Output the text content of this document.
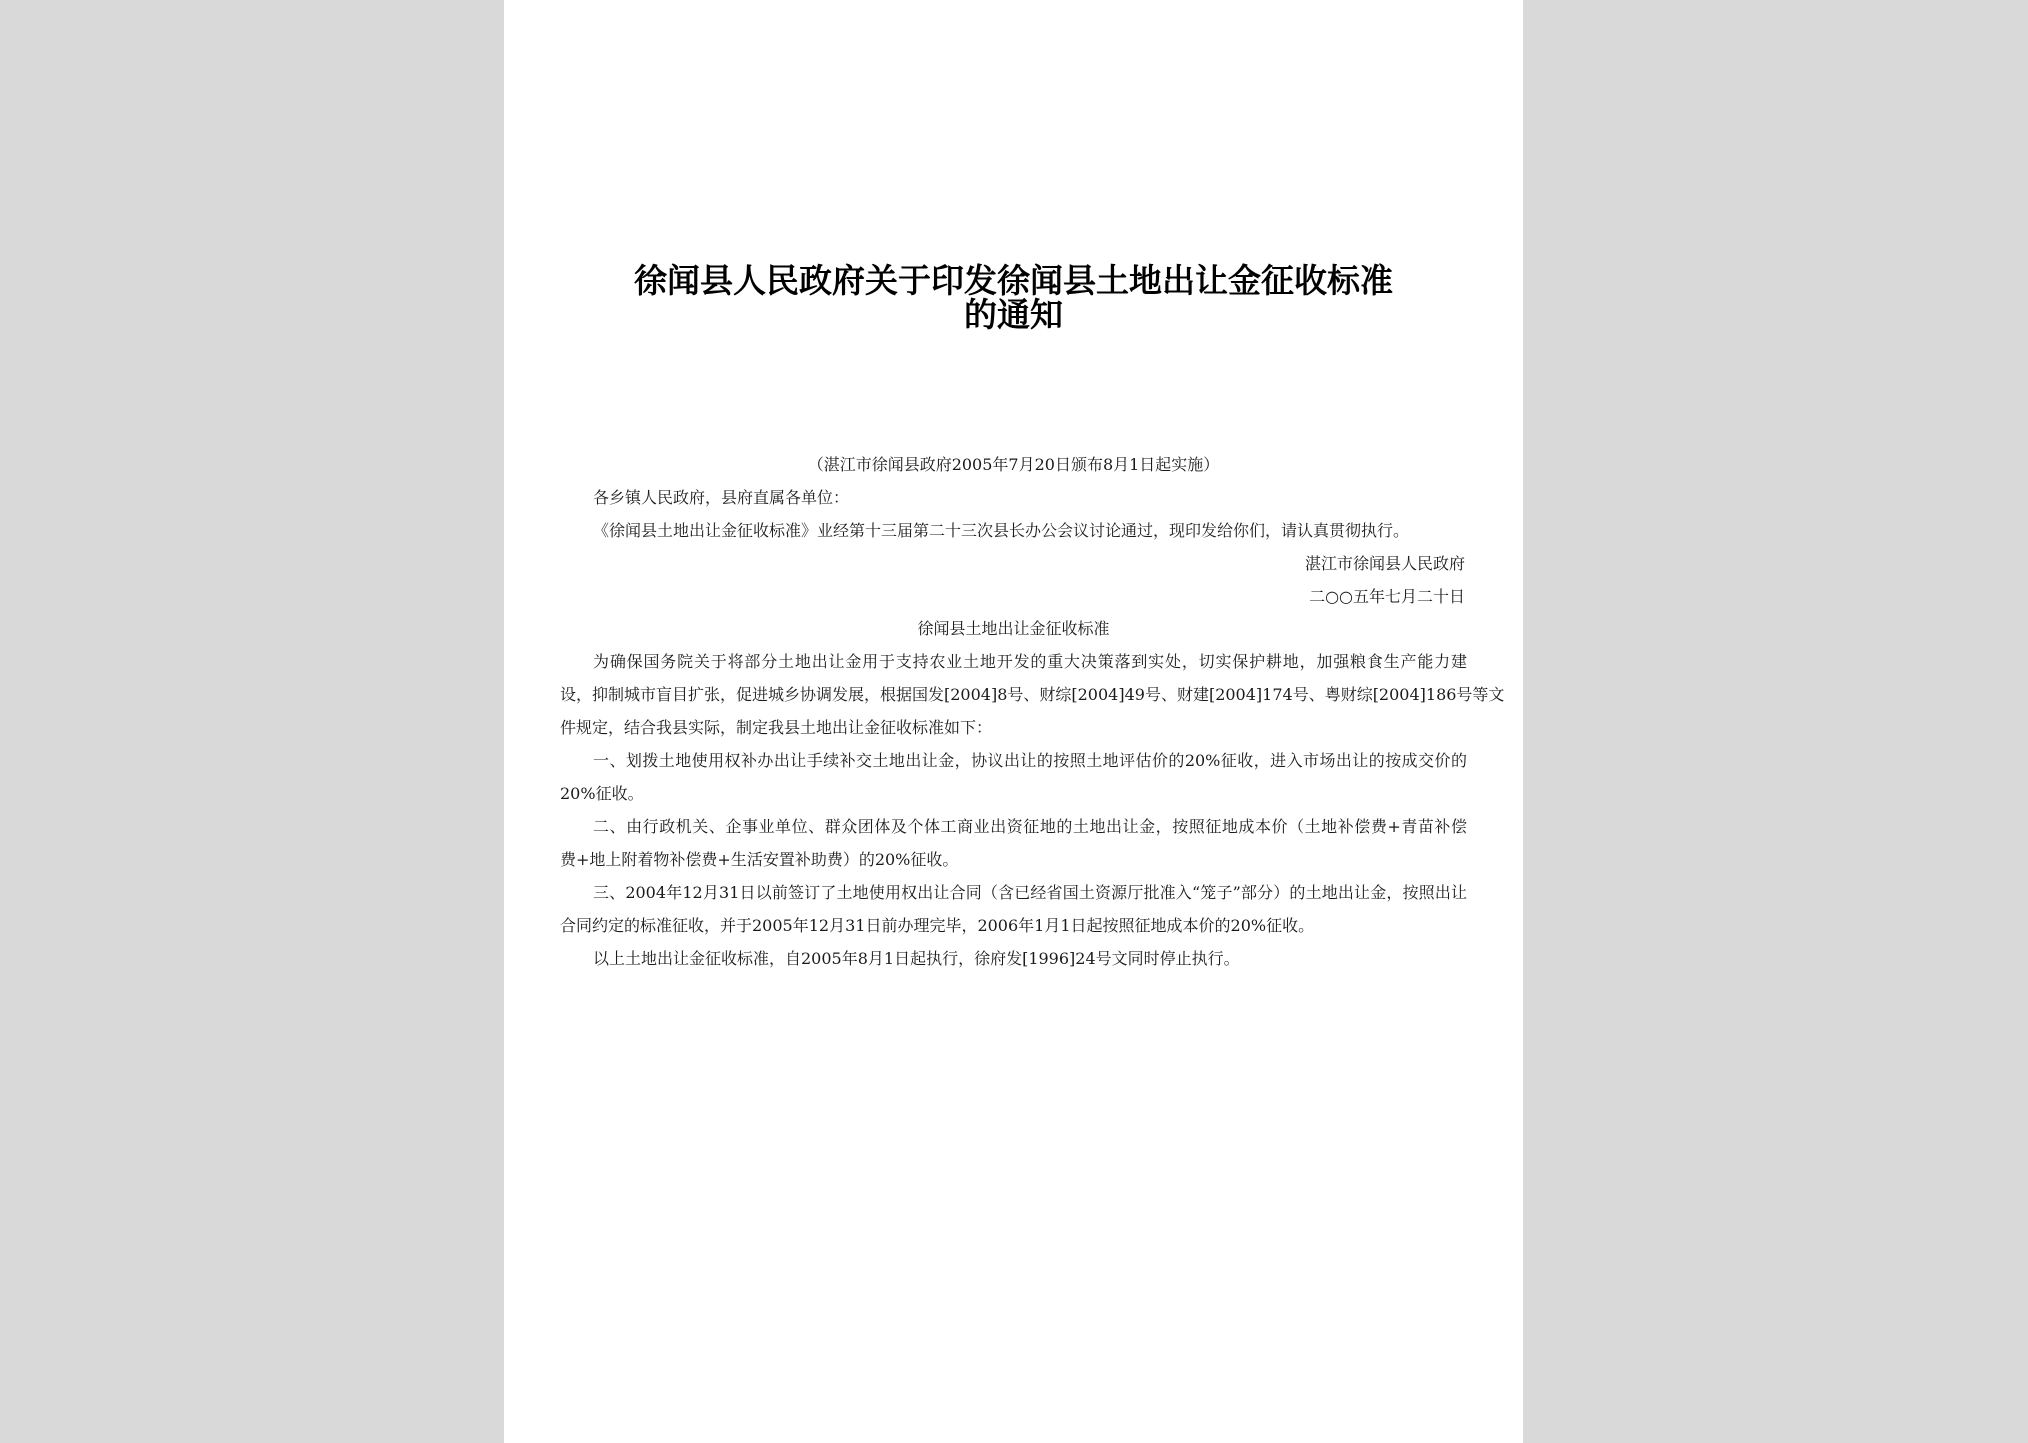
徐闻县人民政府关于印发徐闻县土地出让金征收标准
的通知
（湛江市徐闻县政府2005年7月20日颁布8月1日起实施）
各乡镇人民政府，县府直属各单位：
《徐闻县土地出让金征收标准》业经第十三届第二十三次县长办公会议讨论通过，现印发给你们，请认真贯彻执行。
湛江市徐闻县人民政府
二○○五年七月二十日
徐闻县土地出让金征收标准
为确保国务院关于将部分土地出让金用于支持农业土地开发的重大决策落到实处，切实保护耕地，加强粮食生产能力建
设，抑制城市盲目扩张，促进城乡协调发展，根据国发[2004]8号、财综[2004]49号、财建[2004]174号、粤财综[2004]186号等文
件规定，结合我县实际，制定我县土地出让金征收标准如下：
一、划拨土地使用权补办出让手续补交土地出让金，协议出让的按照土地评估价的20%征收，进入市场出让的按成交价的
20%征收。
二、由行政机关、企事业单位、群众团体及个体工商业出资征地的土地出让金，按照征地成本价（土地补偿费+青苗补偿
费+地上附着物补偿费+生活安置补助费）的20%征收。
三、2004年12月31日以前签订了土地使用权出让合同（含已经省国土资源厅批准入“笼子”部分）的土地出让金，按照出让
合同约定的标准征收，并于2005年12月31日前办理完毕，2006年1月1日起按照征地成本价的20%征收。
以上土地出让金征收标准，自2005年8月1日起执行，徐府发[1996]24号文同时停止执行。
